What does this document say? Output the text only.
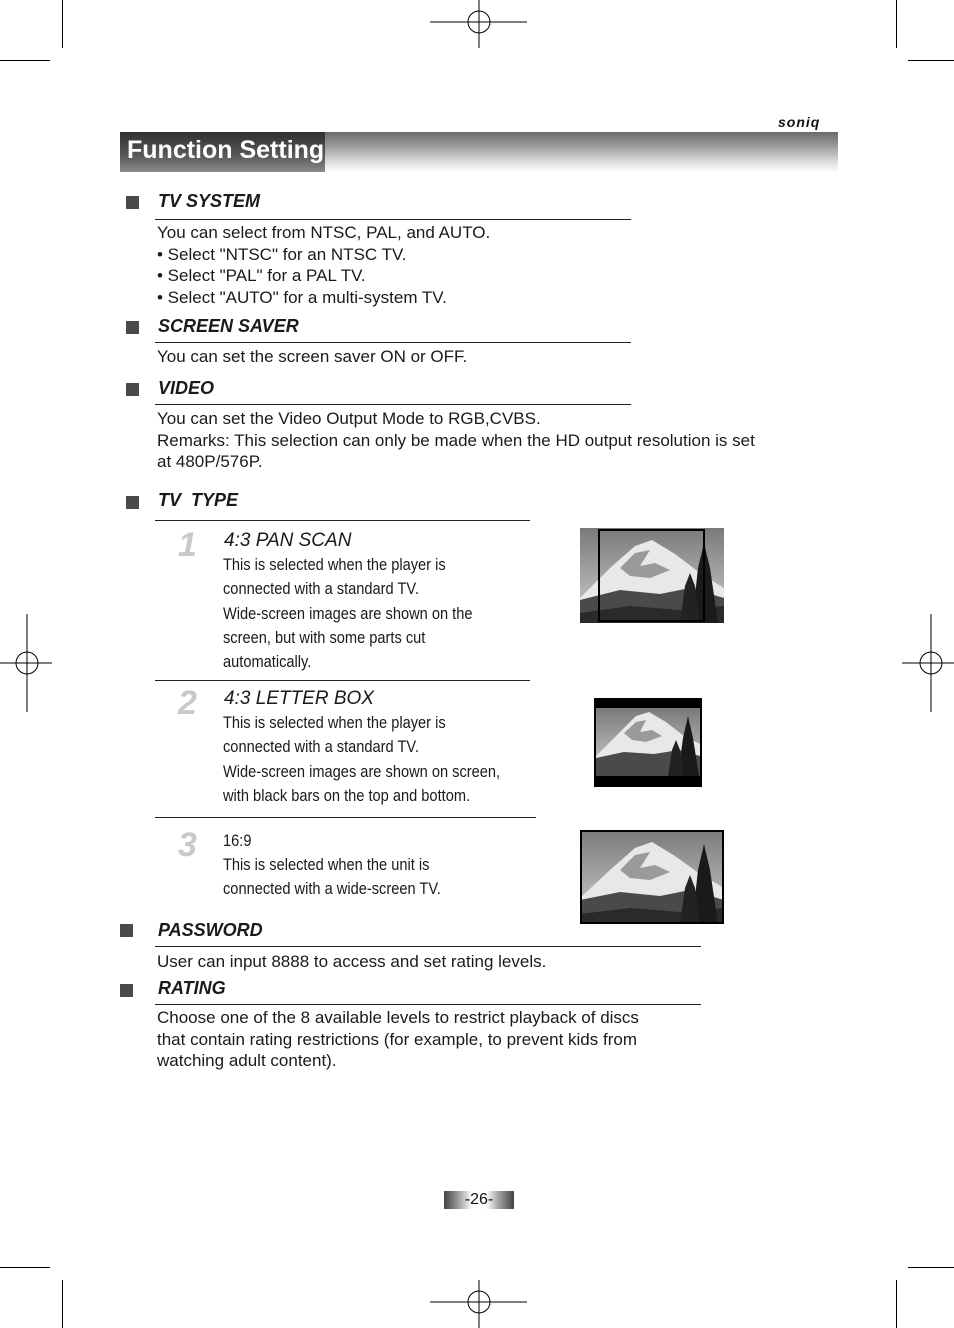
soniq
Function Setting
TV SYSTEM
You can select from NTSC, PAL, and AUTO.
• Select "NTSC" for an NTSC TV.
• Select "PAL" for a PAL TV.
• Select "AUTO" for a multi-system TV.
SCREEN SAVER
You can set the screen saver ON or OFF.
VIDEO
You can set the Video Output Mode to RGB,CVBS.
Remarks: This selection can only be made when the HD output resolution is set
at 480P/576P.
TV  TYPE
1 4:3 PAN SCAN
This is selected when the player is
connected with a standard TV.
Wide-screen images are shown on the
screen, but with some parts cut
automatically.
2 4:3 LETTER BOX
This is selected when the player is
connected with a standard TV.
Wide-screen images are shown on screen,
with black bars on the top and bottom.
3 16:9
This is selected when the unit is
connected with a wide-screen TV.
PASSWORD
User can input 8888 to access and set rating levels.
RATING
Choose one of the 8 available levels to restrict playback of discs
that contain rating restrictions (for example, to prevent kids from
watching adult content).
-26-
